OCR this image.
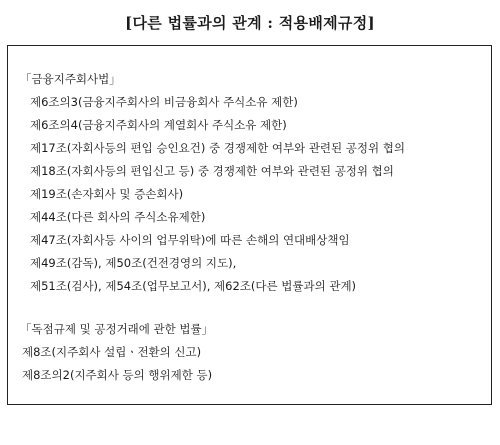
[다른 법률과의 관계 : 적용배제규정]
「금융지주회사법」
제6조의3(금융지주회사의 비금융회사 주식소유 제한)
제6조의4(금융지주회사의 계열회사 주식소유 제한)
제17조(자회사등의 편입 승인요건) 중 경쟁제한 여부와 관련된 공정위 협의
제18조(자회사등의 편입신고 등) 중 경쟁제한 여부와 관련된 공정위 협의
제19조(손자회사 및 증손회사)
제44조(다른 회사의 주식소유제한)
제47조(자회사등 사이의 업무위탁)에 따른 손해의 연대배상책임
제49조(감독), 제50조(건전경영의 지도),
제51조(검사), 제54조(업무보고서), 제62조(다른 법률과의 관계)
「독점규제 및 공정거래에 관한 법률」
제8조(지주회사 설립ㆍ전환의 신고)
제8조의2(지주회사 등의 행위제한 등)
